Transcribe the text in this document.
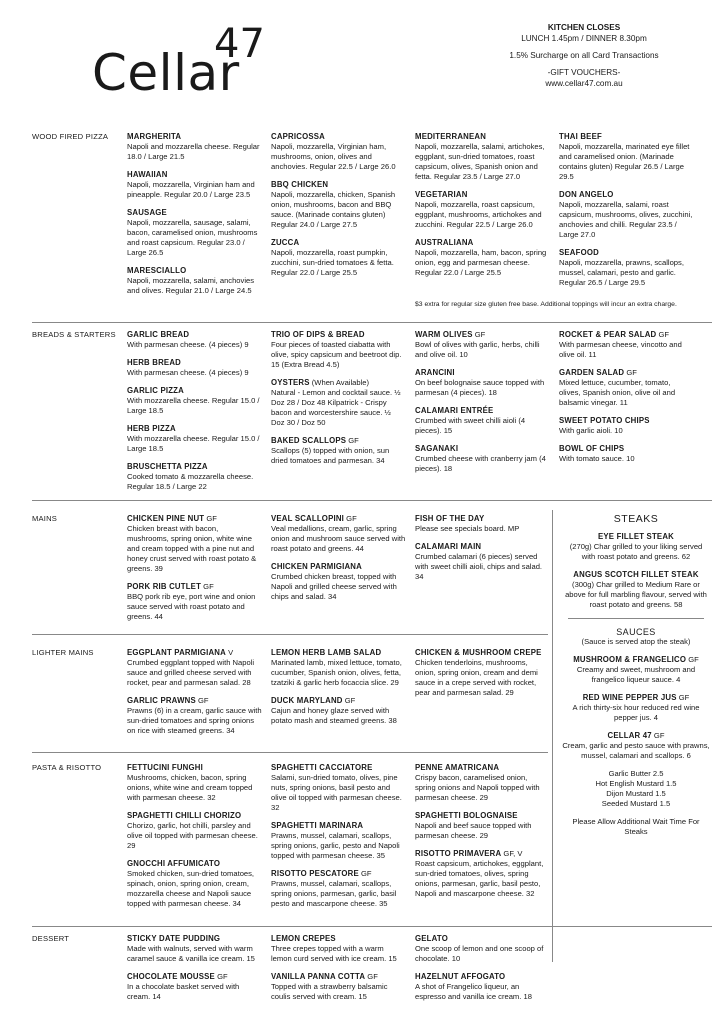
Cellar
47	KITCHEN CLOSES
LUNCH 1.45pm / DINNER 8.30pm
1.5% Surcharge on all Card Transactions
-GIFT VOUCHERS-
www.cellar47.com.au
WOOD FIRED PIZZA
BREADS & STARTERS
MAINS
LIGHTER MAINS
PASTA & RISOTTO
DESSERT
MARGHERITA
Napoli and mozzarella cheese. Regular 18.0 / Large 21.5
HAWAIIAN
Napoli, mozzarella, Virginian ham and pineapple. Regular 20.0 / Large 23.5
SAUSAGE
Napoli, mozzarella, sausage, salami, bacon, caramelised onion, mushrooms and roast capsicum. Regular 23.0 / Large 26.5
MARESCIALLO
Napoli, mozzarella, salami, anchovies and olives. Regular 21.0 / Large 24.5
CAPRICOSSA
Napoli, mozzarella, Virginian ham, mushrooms, onion, olives and anchovies. Regular 22.5 / Large 26.0
BBQ CHICKEN
Napoli, mozzarella, chicken, Spanish onion, mushrooms, bacon and BBQ sauce. (Marinade contains gluten) Regular 24.0 / Large 27.5
ZUCCA
Napoli, mozzarella, roast pumpkin, zucchini, sun-dried tomatoes & fetta. Regular 22.0 / Large 25.5
MEDITERRANEAN
Napoli, mozzarella, salami, artichokes, eggplant, sun-dried tomatoes, roast capsicum, olives, Spanish onion and fetta. Regular 23.5 / Large 27.0
VEGETARIAN
Napoli, mozzarella, roast capsicum, eggplant, mushrooms, artichokes and zucchini. Regular 22.5 / Large 26.0
AUSTRALIANA
Napoli, mozzarella, ham, bacon, spring onion, egg and parmesan cheese. Regular 22.0 / Large 25.5
THAI BEEF
Napoli, mozzarella, marinated eye fillet and caramelised onion. (Marinade contains gluten) Regular 26.5 / Large 29.5
DON ANGELO
Napoli, mozzarella, salami, roast capsicum, mushrooms, olives, zucchini, anchovies and chilli. Regular 23.5 / Large 27.0
SEAFOOD
Napoli, mozzarella, prawns, scallops, mussel, calamari, pesto and garlic. Regular 26.5 / Large 29.5
$3 extra for regular size gluten free base. Additional toppings will incur an extra charge.
GARLIC BREAD
With parmesan cheese. (4 pieces) 9
HERB BREAD
With parmesan cheese. (4 pieces) 9
GARLIC PIZZA
With mozzarella cheese. Regular 15.0 / Large 18.5
HERB PIZZA
With mozzarella cheese. Regular 15.0 / Large 18.5
BRUSCHETTA PIZZA
Cooked tomato & mozzarella cheese. Regular 18.5 / Large 22
TRIO OF DIPS & BREAD
Four pieces of toasted ciabatta with olive, spicy capsicum and beetroot dip. 15 (Extra Bread 4.5)
OYSTERS (When Available)
Natural - Lemon and cocktail sauce. ½ Doz 28 / Doz 48 Kilpatrick - Crispy bacon and worcestershire sauce. ½ Doz 30 / Doz 50
BAKED SCALLOPS GF
Scallops (5) topped with onion, sun dried tomatoes and parmesan. 34
WARM OLIVES GF
Bowl of olives with garlic, herbs, chilli and olive oil. 10
ARANCINI
On beef bolognaise sauce topped with parmesan (4 pieces). 18
CALAMARI ENTRÉE
Crumbed with sweet chilli aioli (4 pieces). 15
SAGANAKI
Crumbed cheese with cranberry jam (4 pieces). 18
ROCKET & PEAR SALAD GF
With parmesan cheese, vincotto and olive oil. 11
GARDEN SALAD GF
Mixed lettuce, cucumber, tomato, olives, Spanish onion, olive oil and balsamic vinegar. 11
SWEET POTATO CHIPS
With garlic aioli. 10
BOWL OF CHIPS
With tomato sauce. 10
CHICKEN PINE NUT GF
Chicken breast with bacon, mushrooms, spring onion, white wine and cream topped with a pine nut and honey crust served with roast potato & greens. 39
PORK RIB CUTLET GF
BBQ pork rib eye, port wine and onion sauce served with roast potato and greens. 44
VEAL SCALLOPINI GF
Veal medallions, cream, garlic, spring onion and mushroom sauce served with roast potato and greens. 44
CHICKEN PARMIGIANA
Crumbed chicken breast, topped with Napoli and grilled cheese served with chips and salad. 34
FISH OF THE DAY
Please see specials board. MP
CALAMARI MAIN
Crumbed calamari (6 pieces) served with sweet chilli aioli, chips and salad. 34
EGGPLANT PARMIGIANA V
Crumbed eggplant topped with Napoli sauce and grilled cheese served with rocket, pear and parmesan salad. 28
GARLIC PRAWNS GF
Prawns (6) in a cream, garlic sauce with sun-dried tomatoes and spring onions on rice with steamed greens. 34
LEMON HERB LAMB SALAD
Marinated lamb, mixed lettuce, tomato, cucumber, Spanish onion, olives, fetta, tzatziki & garlic herb focaccia slice. 29
DUCK MARYLAND GF
Cajun and honey glaze served with potato mash and steamed greens. 38
CHICKEN & MUSHROOM CREPE
Chicken tenderloins, mushrooms, onion, spring onion, cream and demi sauce in a crepe served with rocket, pear and parmesan salad. 29
FETTUCINI FUNGHI
Mushrooms, chicken, bacon, spring onions, white wine and cream topped with parmesan cheese. 32
SPAGHETTI CHILLI CHORIZO
Chorizo, garlic, hot chilli, parsley and olive oil topped with parmesan cheese. 29
GNOCCHI AFFUMICATO
Smoked chicken, sun-dried tomatoes, spinach, onion, spring onion, cream, mozzarella cheese and Napoli sauce topped with parmesan cheese. 34
SPAGHETTI CACCIATORE
Salami, sun-dried tomato, olives, pine nuts, spring onions, basil pesto and olive oil topped with parmesan cheese. 32
SPAGHETTI MARINARA
Prawns, mussel, calamari, scallops, spring onions, garlic, pesto and Napoli topped with parmesan cheese. 35
RISOTTO PESCATORE GF
Prawns, mussel, calamari, scallops, spring onions, parmesan, garlic, basil pesto and mascarpone cheese. 35
PENNE AMATRICANA
Crispy bacon, caramelised onion, spring onions and Napoli topped with parmesan cheese. 29
SPAGHETTI BOLOGNAISE
Napoli and beef sauce topped with parmesan cheese. 29
RISOTTO PRIMAVERA GF, V
Roast capsicum, artichokes, eggplant, sun-dried tomatoes, olives, spring onions, parmesan, garlic, basil pesto, Napoli and mascarpone cheese. 32
STICKY DATE PUDDING
Made with walnuts, served with warm caramel sauce & vanilla ice cream. 15
CHOCOLATE MOUSSE GF
In a chocolate basket served with cream. 14
LEMON CREPES
Three crepes topped with a warm lemon curd served with ice cream. 15
VANILLA PANNA COTTA GF
Topped with a strawberry balsamic coulis served with cream. 15
GELATO
One scoop of lemon and one scoop of chocolate. 10
HAZELNUT AFFOGATO
A shot of Frangelico liqueur, an espresso and vanilla ice cream. 18
STEAKS
EYE FILLET STEAK
(270g) Char grilled to your liking served with roast potato and greens. 62
ANGUS SCOTCH FILLET STEAK
(300g) Char grilled to Medium Rare or above for full marbling flavour, served with roast potato and greens. 58
SAUCES
(Sauce is served atop the steak)
MUSHROOM & FRANGELICO GF
Creamy and sweet, mushroom and frangelico liqueur sauce. 4
RED WINE PEPPER JUS GF
A rich thirty-six hour reduced red wine pepper jus. 4
CELLAR 47 GF
Cream, garlic and pesto sauce with prawns, mussel, calamari and scallops. 6
Garlic Butter 2.5
Hot English Mustard 1.5
Dijon Mustard 1.5
Seeded Mustard 1.5
Please Allow Additional Wait Time For Steaks
